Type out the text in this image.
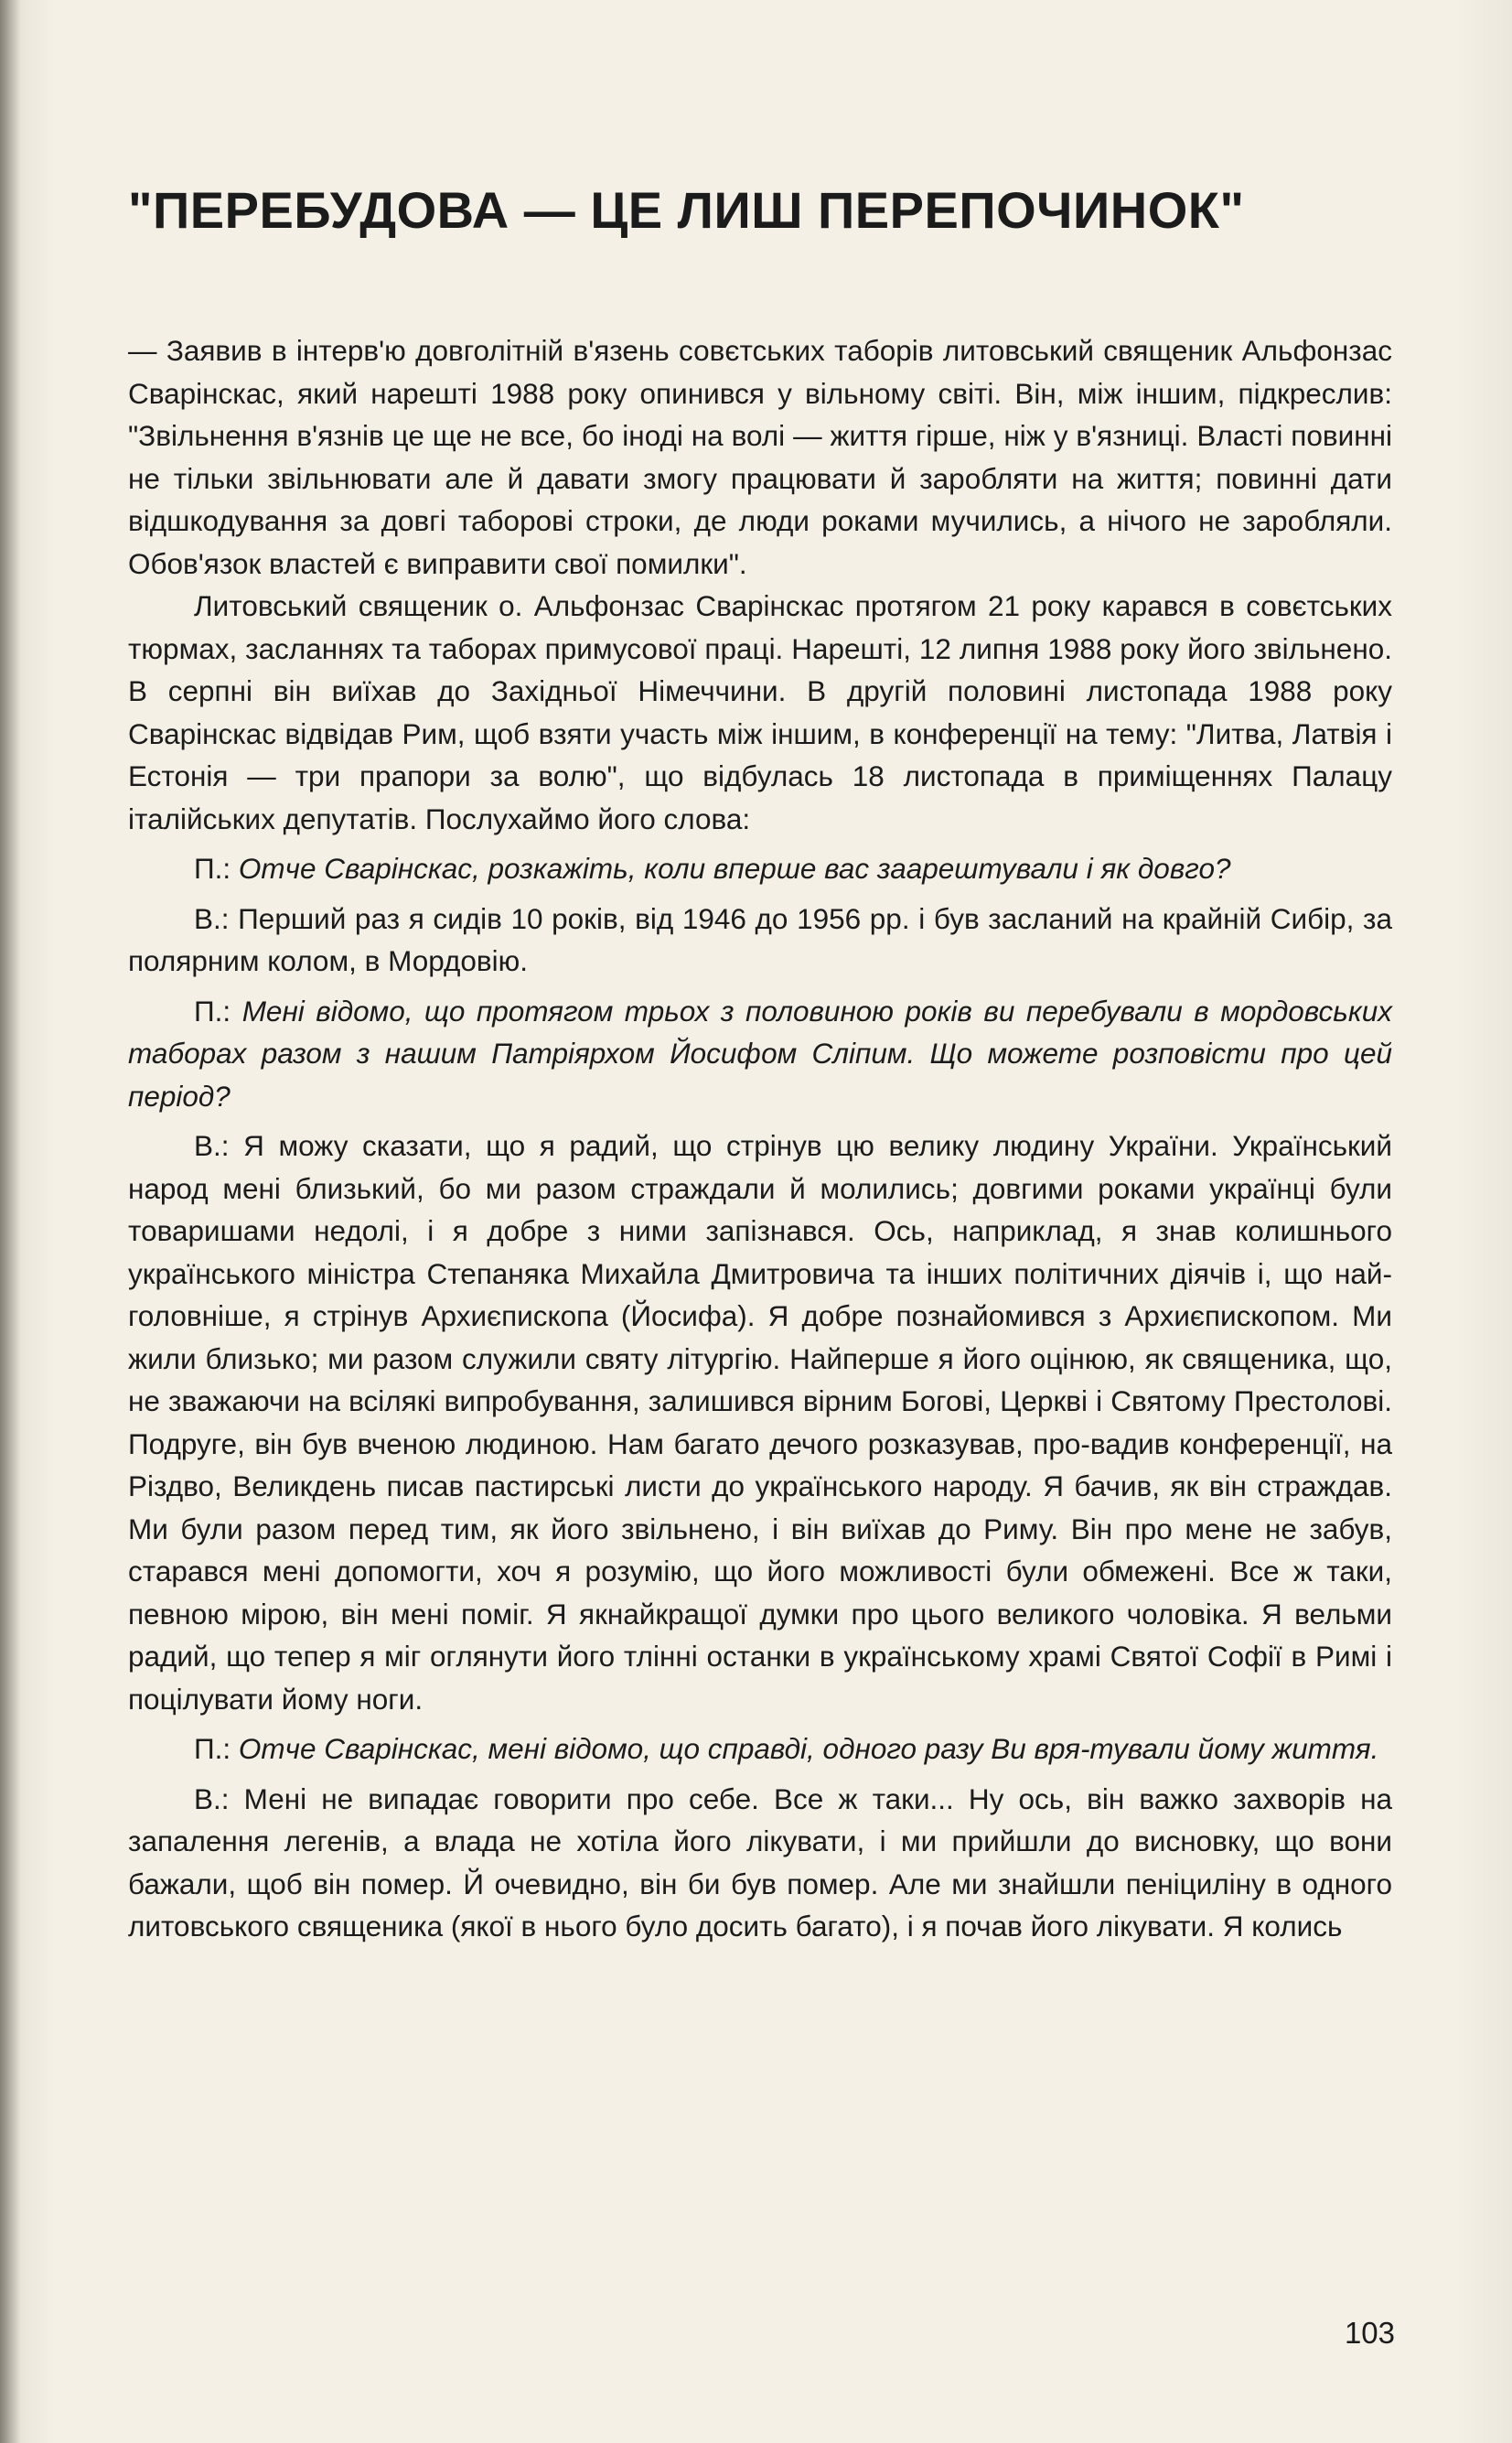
"ПЕРЕБУДОВА — ЦЕ ЛИШ ПЕРЕПОЧИНОК"

— Заявив в інтерв'ю довголітній в'язень совєтських таборів литовський священик Альфонзас Сварінскас, який нарешті 1988 року опинився у вільному світі. Він, між іншим, підкреслив: "Звільнення в'язнів це ще не все, бо іноді на волі — життя гірше, ніж у в'язниці. Власті повинні не тільки звільнювати але й давати змогу працювати й заробляти на життя; повинні дати відшкодування за довгі таборові строки, де люди роками мучились, а нічого не заробляли. Обов'язок властей є виправити свої помилки".

Литовський священик о. Альфонзас Сварінскас протягом 21 року карався в совєтських тюрмах, засланнях та таборах примусової праці. Нарешті, 12 липня 1988 року його звільнено. В серпні він виїхав до Західньої Німеччини. В другій половині листопада 1988 року Сварінскас відвідав Рим, щоб взяти участь між іншим, в конференції на тему: "Литва, Латвія і Естонія — три прапори за волю", що відбулась 18 листопада в приміщеннях Палацу італійських депутатів. Послухаймо його слова:

П.: Отче Сварінскас, розкажіть, коли вперше вас заарештували і як довго?

В.: Перший раз я сидів 10 років, від 1946 до 1956 рр. і був засланий на крайній Сибір, за полярним колом, в Мордовію.

П.: Мені відомо, що протягом трьох з половиною років ви перебували в мордовських таборах разом з нашим Патріярхом Йосифом Сліпим. Що можете розповісти про цей період?

В.: Я можу сказати, що я радий, що стрінув цю велику людину України. Український народ мені близький, бо ми разом страждали й молились; довгими роками українці були товаришами недолі, і я добре з ними запізнався. Ось, наприклад, я знав колишнього українського міністра Степаняка Михайла Дмитровича та інших політичних діячів і, що най-головніше, я стрінув Архиєпископа (Йосифа). Я добре познайомився з Архиєпископом. Ми жили близько; ми разом служили святу літургію. Найперше я його оцінюю, як священика, що, не зважаючи на всілякі випробування, залишився вірним Богові, Церкві і Святому Престолові. Подруге, він був вченою людиною. Нам багато дечого розказував, про-вадив конференції, на Різдво, Великдень писав пастирські листи до українського народу. Я бачив, як він страждав. Ми були разом перед тим, як його звільнено, і він виїхав до Риму. Він про мене не забув, старався мені допомогти, хоч я розумію, що його можливості були обмежені. Все ж таки, певною мірою, він мені поміг. Я якнайкращої думки про цього великого чоловіка. Я вельми радий, що тепер я міг оглянути його тлінні останки в українському храмі Святої Софії в Римі і поцілувати йому ноги.

П.: Отче Сварінскас, мені відомо, що справді, одного разу Ви вря-тували йому життя.

В.: Мені не випадає говорити про себе. Все ж таки... Ну ось, він важко захворів на запалення легенів, а влада не хотіла його лікувати, і ми прийшли до висновку, що вони бажали, щоб він помер. Й очевидно, він би був помер. Але ми знайшли пеніциліну в одного литовського священика (якої в нього було досить багато), і я почав його лікувати. Я колись

103
